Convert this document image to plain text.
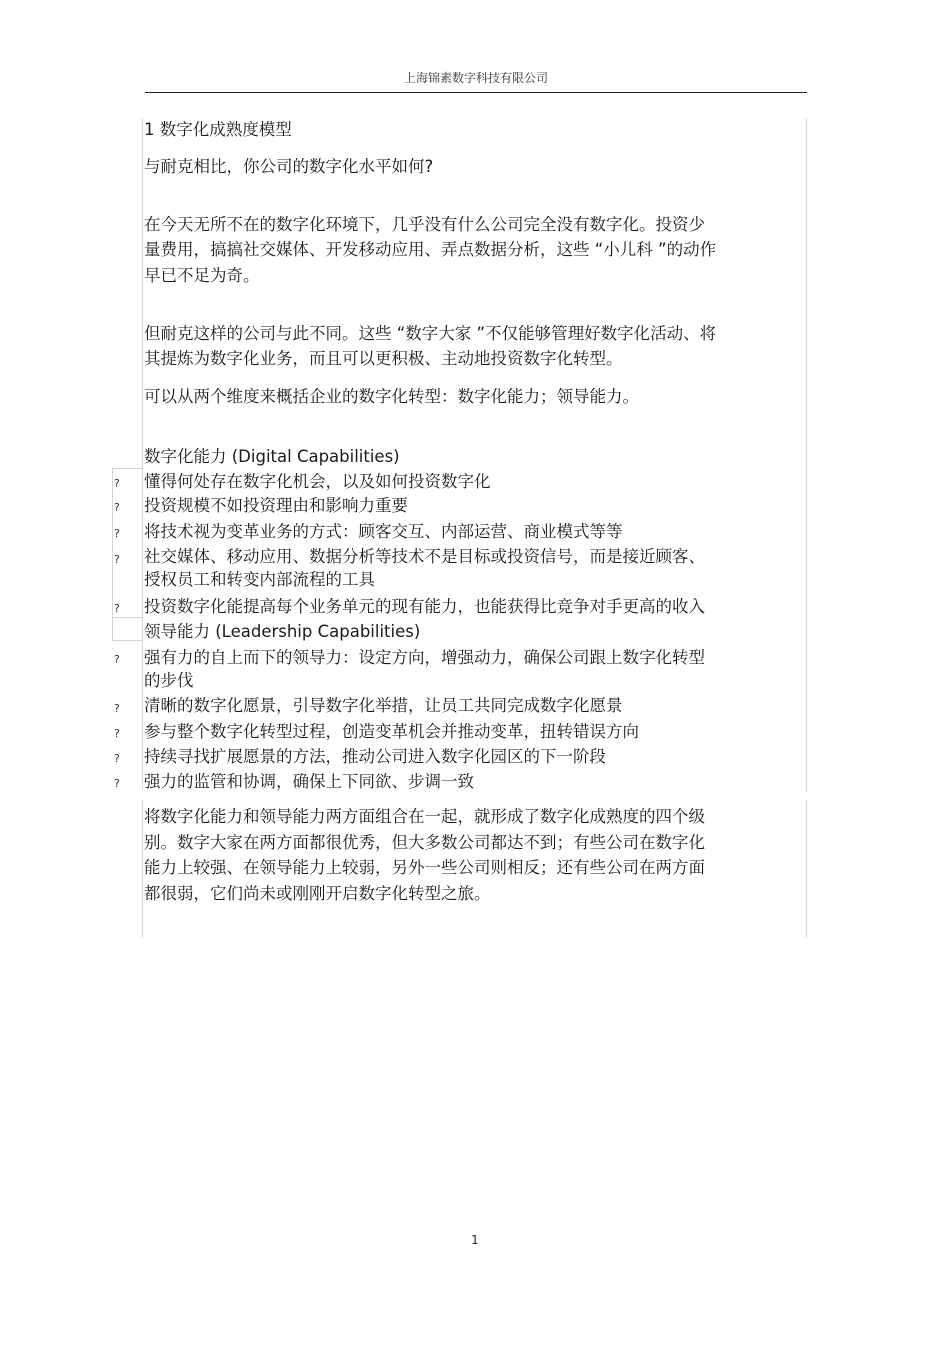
上海锦素数字科技有限公司

1 数字化成熟度模型

与耐克相比，你公司的数字化水平如何?

在今天无所不在的数字化环境下，几乎没有什么公司完全没有数字化。投资少

量费用，搞搞社交媒体、开发移动应用、弄点数据分析，这些 “小儿科 ”的动作

早已不足为奇。

但耐克这样的公司与此不同。这些 “数字大家 ”不仅能够管理好数字化活动、将

其提炼为数字化业务，而且可以更积极、主动地投资数字化转型。

可以从两个维度来概括企业的数字化转型：数字化能力；领导能力。

数字化能力 (Digital Capabilities)

? 懂得何处存在数字化机会，以及如何投资数字化

? 投资规模不如投资理由和影响力重要

? 将技术视为变革业务的方式：顾客交互、内部运营、商业模式等等

? 社交媒体、移动应用、数据分析等技术不是目标或投资信号，而是接近顾客、

授权员工和转变内部流程的工具

? 投资数字化能提高每个业务单元的现有能力，也能获得比竞争对手更高的收入

领导能力 (Leadership Capabilities)

? 强有力的自上而下的领导力：设定方向，增强动力，确保公司跟上数字化转型

的步伐

? 清晰的数字化愿景，引导数字化举措，让员工共同完成数字化愿景

? 参与整个数字化转型过程，创造变革机会并推动变革，扭转错误方向

? 持续寻找扩展愿景的方法，推动公司进入数字化园区的下一阶段

? 强力的监管和协调，确保上下同欲、步调一致

将数字化能力和领导能力两方面组合在一起，就形成了数字化成熟度的四个级

别。数字大家在两方面都很优秀，但大多数公司都达不到；有些公司在数字化

能力上较强、在领导能力上较弱，另外一些公司则相反；还有些公司在两方面

都很弱，它们尚未或刚刚开启数字化转型之旅。

1
